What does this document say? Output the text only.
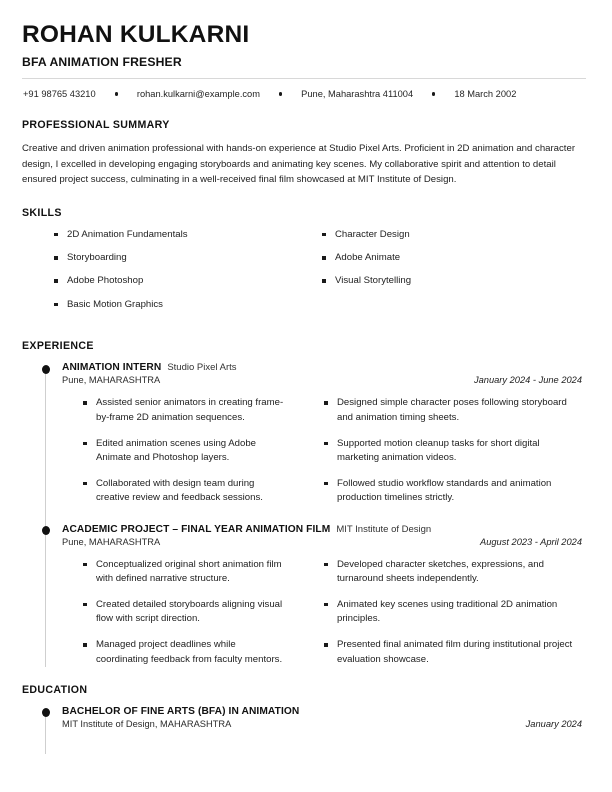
ROHAN KULKARNI
BFA ANIMATION FRESHER
+91 98765 43210	rohan.kulkarni@example.com	Pune, Maharashtra 411004	18 March 2002
PROFESSIONAL SUMMARY

Creative and driven animation professional with hands-on experience at Studio Pixel Arts. Proficient in 2D animation and character design, I excelled in developing engaging storyboards and animating key scenes. My collaborative spirit and attention to detail ensured project success, culminating in a well-received final film showcased at MIT Institute of Design.

SKILLS
2D Animation Fundamentals
Storyboarding
Adobe Photoshop
Basic Motion Graphics
Character Design
Adobe Animate
Visual Storytelling
EXPERIENCE
ANIMATION INTERN Studio Pixel Arts
Pune, MAHARASHTRA	January 2024 - June 2024
Assisted senior animators in creating frame-by-frame 2D animation sequences.
Edited animation scenes using Adobe Animate and Photoshop layers.
Collaborated with design team during creative review and feedback sessions.
Designed simple character poses following storyboard and animation timing sheets.
Supported motion cleanup tasks for short digital marketing animation videos.
Followed studio workflow standards and animation production timelines strictly.
ACADEMIC PROJECT – FINAL YEAR ANIMATION FILM MIT Institute of Design
Pune, MAHARASHTRA	August 2023 - April 2024
Conceptualized original short animation film with defined narrative structure.
Created detailed storyboards aligning visual flow with script direction.
Managed project deadlines while coordinating feedback from faculty mentors.
Developed character sketches, expressions, and turnaround sheets independently.
Animated key scenes using traditional 2D animation principles.
Presented final animated film during institutional project evaluation showcase.
EDUCATION
BACHELOR OF FINE ARTS (BFA) IN ANIMATION
MIT Institute of Design, MAHARASHTRA	January 2024
